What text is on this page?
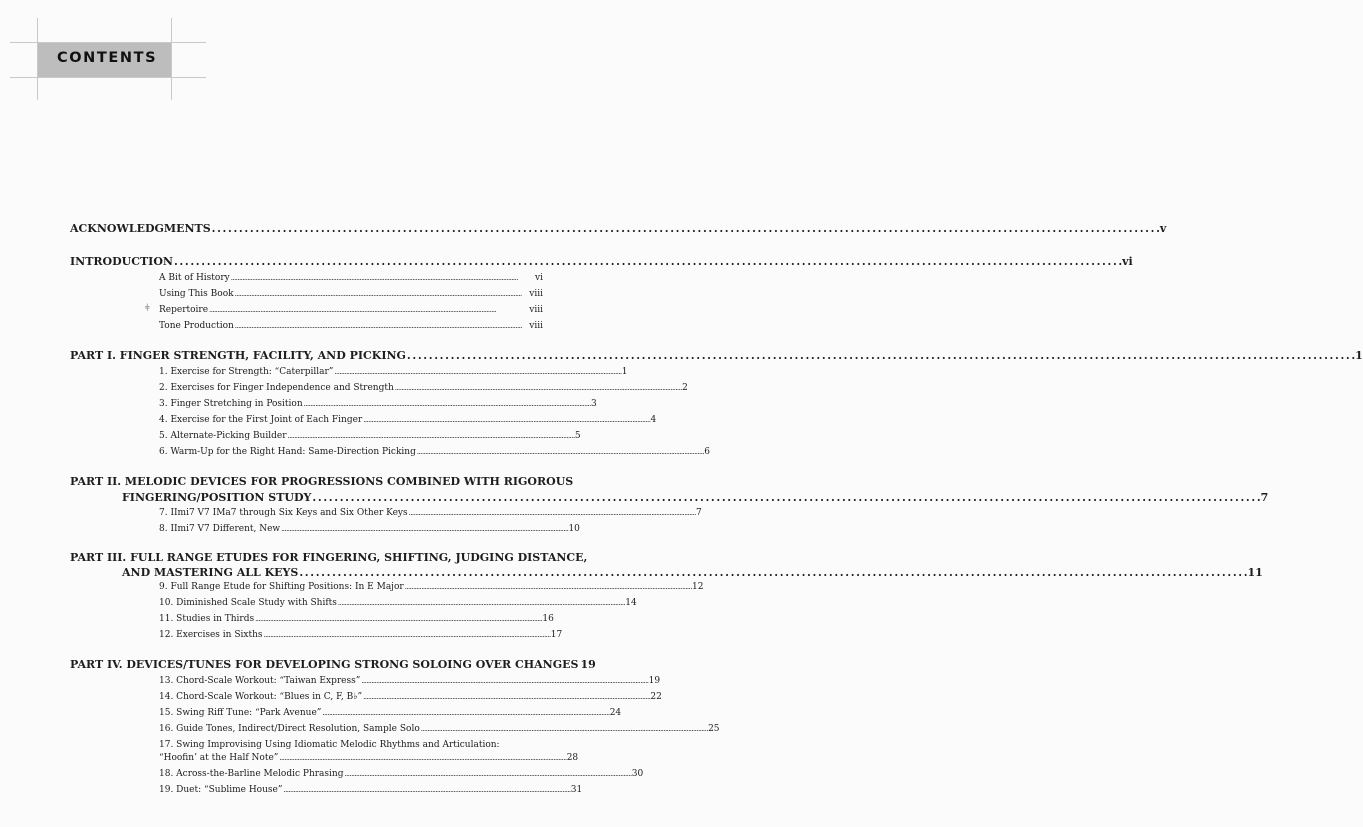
CONTENTS
ACKNOWLEDGMENTS . . .	v
INTRODUCTION . . .	vi
A Bit of History . . .	vi
Using This Book . . .	viii
ǂ Repertoire . . .	viii
Tone Production . . .	viii
PART I. FINGER STRENGTH, FACILITY, AND PICKING . . .	1
1. Exercise for Strength: “Caterpillar” . . .	1
2. Exercises for Finger Independence and Strength . . .	2
3. Finger Stretching in Position . . .	3
4. Exercise for the First Joint of Each Finger . . .	4
5. Alternate-Picking Builder . . .	5
6. Warm-Up for the Right Hand: Same-Direction Picking . . .	6
PART II. MELODIC DEVICES FOR PROGRESSIONS COMBINED WITH RIGOROUS
FINGERING/POSITION STUDY . . .	7
7. IImi7 V7 IMa7 through Six Keys and Six Other Keys . . .	7
8. IImi7 V7 Different, New . . .	10
PART III. FULL RANGE ETUDES FOR FINGERING, SHIFTING, JUDGING DISTANCE,
AND MASTERING ALL KEYS . . .	11
9. Full Range Etude for Shifting Positions: In E Major . . .	12
10. Diminished Scale Study with Shifts . . .	14
11. Studies in Thirds . . .	16
12. Exercises in Sixths . . .	17
PART IV. DEVICES/TUNES FOR DEVELOPING STRONG SOLOING OVER CHANGES 19
13. Chord-Scale Workout: “Taiwan Express” . . .	19
14. Chord-Scale Workout: “Blues in C, F, B♭” . . .	22
15. Swing Riff Tune: “Park Avenue” . . .	24
16. Guide Tones, Indirect/Direct Resolution, Sample Solo . . .	25
17. Swing Improvising Using Idiomatic Melodic Rhythms and Articulation:
“Hoofin’ at the Half Note” . . .	28
18. Across-the-Barline Melodic Phrasing . . .	30
19. Duet: “Sublime House” . . .	31
